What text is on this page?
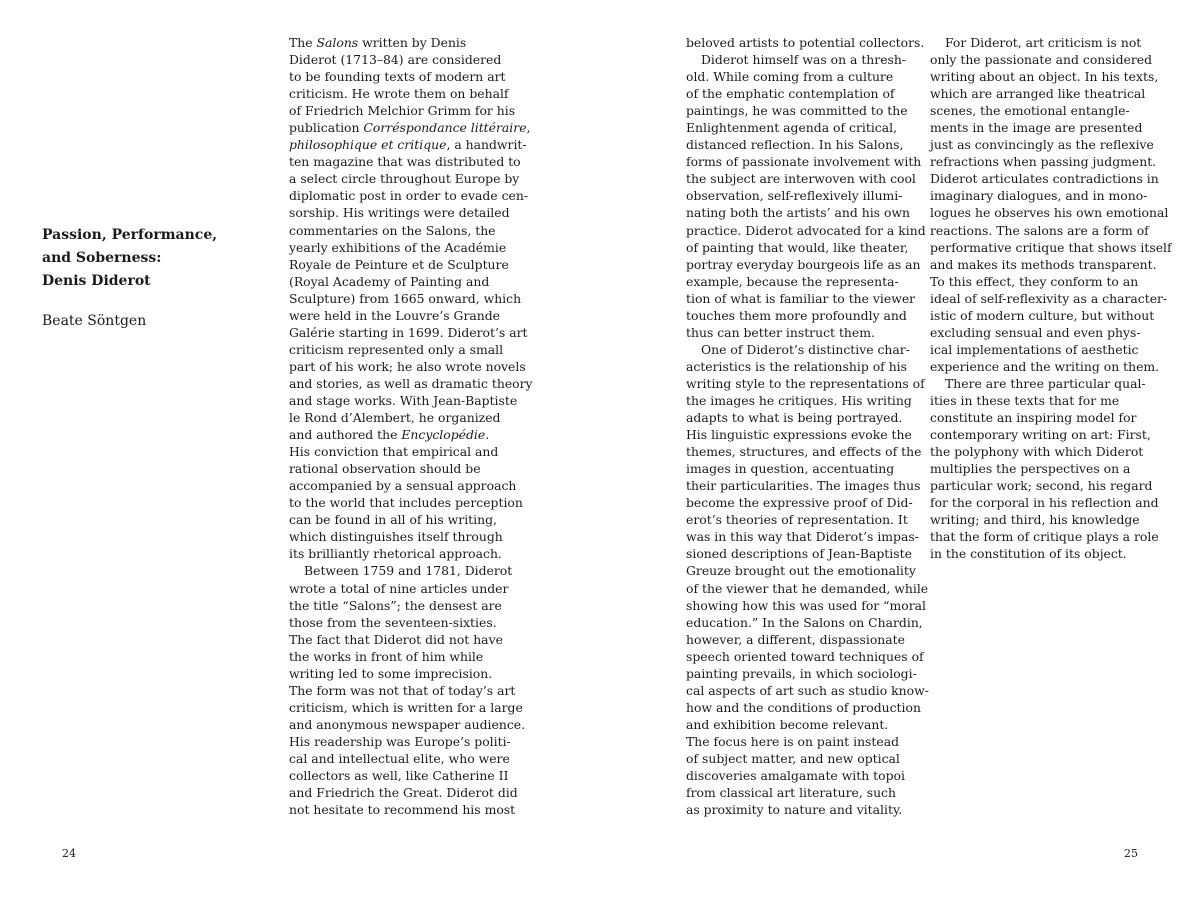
Passion, Performance,
and Soberness:
Denis Diderot

Beate Söntgen

The Salons written by Denis
Diderot (1713–84) are considered
to be founding texts of modern art
criticism. He wrote them on behalf
of Friedrich Melchior Grimm for his
publication Corréspondance littéraire,
philosophique et critique, a handwrit-
ten magazine that was distributed to
a select circle throughout Europe by
diplomatic post in order to evade cen-
sorship. His writings were detailed
commentaries on the Salons, the
yearly exhibitions of the Académie
Royale de Peinture et de Sculpture
(Royal Academy of Painting and
Sculpture) from 1665 onward, which
were held in the Louvre’s Grande
Galérie starting in 1699. Diderot’s art
criticism represented only a small
part of his work; he also wrote novels
and stories, as well as dramatic theory
and stage works. With Jean-Baptiste
le Rond d’Alembert, he organized
and authored the Encyclopédie.
His conviction that empirical and
rational observation should be
accompanied by a sensual approach
to the world that includes perception
can be found in all of his writing,
which distinguishes itself through
its brilliantly rhetorical approach.
Between 1759 and 1781, Diderot
wrote a total of nine articles under
the title “Salons”; the densest are
those from the seventeen-sixties.
The fact that Diderot did not have
the works in front of him while
writing led to some imprecision.
The form was not that of today’s art
criticism, which is written for a large
and anonymous newspaper audience.
His readership was Europe’s politi-
cal and intellectual elite, who were
collectors as well, like Catherine II
and Friedrich the Great. Diderot did
not hesitate to recommend his most
beloved artists to potential collectors.
Diderot himself was on a thresh-
old. While coming from a culture
of the emphatic contemplation of
paintings, he was committed to the
Enlightenment agenda of critical,
distanced reflection. In his Salons,
forms of passionate involvement with
the subject are interwoven with cool
observation, self-reflexively illumi-
nating both the artists’ and his own
practice. Diderot advocated for a kind
of painting that would, like theater,
portray everyday bourgeois life as an
example, because the representa-
tion of what is familiar to the viewer
touches them more profoundly and
thus can better instruct them.
One of Diderot’s distinctive char-
acteristics is the relationship of his
writing style to the representations of
the images he critiques. His writing
adapts to what is being portrayed.
His linguistic expressions evoke the
themes, structures, and effects of the
images in question, accentuating
their particularities. The images thus
become the expressive proof of Did-
erot’s theories of representation. It
was in this way that Diderot’s impas-
sioned descriptions of Jean-Baptiste
Greuze brought out the emotionality
of the viewer that he demanded, while
showing how this was used for “moral
education.” In the Salons on Chardin,
however, a different, dispassionate
speech oriented toward techniques of
painting prevails, in which sociologi-
cal aspects of art such as studio know-
how and the conditions of production
and exhibition become relevant.
The focus here is on paint instead
of subject matter, and new optical
discoveries amalgamate with topoi
from classical art literature, such
as proximity to nature and vitality.
For Diderot, art criticism is not
only the passionate and considered
writing about an object. In his texts,
which are arranged like theatrical
scenes, the emotional entangle-
ments in the image are presented
just as convincingly as the reflexive
refractions when passing judgment.
Diderot articulates contradictions in
imaginary dialogues, and in mono-
logues he observes his own emotional
reactions. The salons are a form of
performative critique that shows itself
and makes its methods transparent.
To this effect, they conform to an
ideal of self-reflexivity as a character-
istic of modern culture, but without
excluding sensual and even phys-
ical implementations of aesthetic
experience and the writing on them.
There are three particular qual-
ities in these texts that for me
constitute an inspiring model for
contemporary writing on art: First,
the polyphony with which Diderot
multiplies the perspectives on a
particular work; second, his regard
for the corporal in his reflection and
writing; and third, his knowledge
that the form of critique plays a role
in the constitution of its object.
24	25
